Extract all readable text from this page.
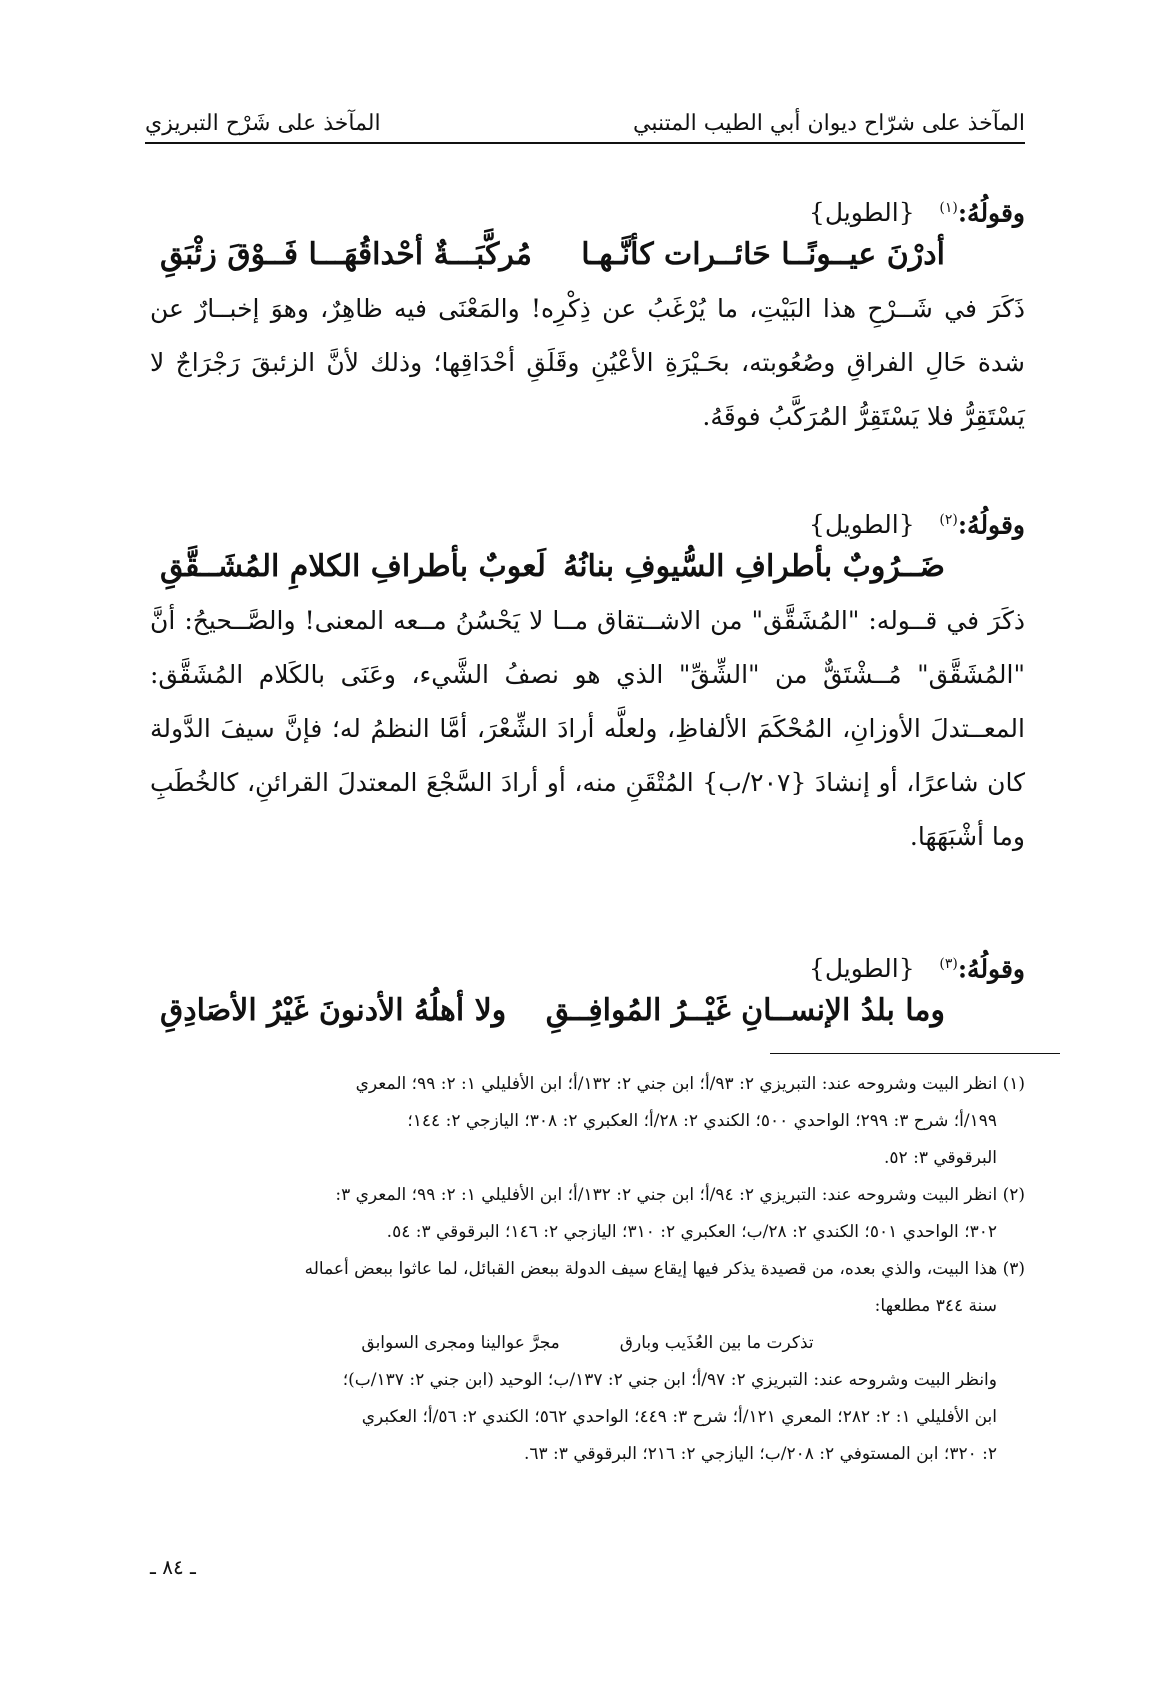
المآخذ على شرّاح ديوان أبي الطيب المتنبي
المآخذ على شَرْح التبريزي
وقولُهُ:$^{(١)}$ {الطويل}
أدرْنَ عيــونًــا حَائــرات كأنَّـهـا
مُركَّبَـــةٌ أحْداقُهَـــا فَــوْقَ زئْبَقِ

ذَكَرَ في شَــرْحِ هذا البَيْتِ، ما يُرْغَبُ عن ذِكْرِه! والمَعْنَى فيه ظاهِرٌ، وهوَ إخبــارٌ عن شدة حَالِ الفراقِ وصُعُوبته، بحَـيْرَةِ الأعْيُنِ وقَلَقِ أحْدَاقِها؛ وذلك لأنَّ الزئبقَ رَجْرَاجٌ لا يَسْتَقِرُّ فلا يَسْتَقِرُّ المُرَكَّبُ فوقَهُ.

وقولُهُ:$^{(٢)}$ {الطويل}
ضَــرُوبٌ بأطرافِ السُّيوفِ بنانُهُ
لَعوبٌ بأطرافِ الكلامِ المُشَــقَّقِ

ذكَرَ في قــوله: "المُشَقَّق" من الاشــتقاق مــا لا يَحْسُنُ مــعه المعنى! والصَّــحيحُ: أنَّ "المُشَقَّق" مُــشْتَقٌّ من "الشِّقِّ" الذي هو نصفُ الشَّيء، وعَنَى بالكَلام المُشَقَّق: المعــتدلَ الأوزانِ، المُحْكَمَ الألفاظِ، ولعلَّه أرادَ الشِّعْرَ، أمَّا النظمُ له؛ فإنَّ سيفَ الدَّولة كان شاعرًا، أو إنشادَ {٢٠٧/ب} المُتْقَنِ منه، أو أرادَ السَّجْعَ المعتدلَ القرائنِ، كالخُطَبِ وما أشْبَهَهَا.

وقولُهُ:$^{(٣)}$ {الطويل}
وما بلدُ الإنســانِ غَيْــرُ المُوافِــقِ
ولا أهلُهُ الأدنونَ غَيْرُ الأصَادِقِ

(١) انظر البيت وشروحه عند: التبريزي ٢: ٩٣/أ؛ ابن جني ٢: ١٣٢/أ؛ ابن الأفليلي ١: ٢: ٩٩؛ المعري

١٩٩/أ؛ شرح ٣: ٢٩٩؛ الواحدي ٥٠٠؛ الكندي ٢: ٢٨/أ؛ العكبري ٢: ٣٠٨؛ اليازجي ٢: ١٤٤؛

البرقوقي ٣: ٥٢.

(٢) انظر البيت وشروحه عند: التبريزي ٢: ٩٤/أ؛ ابن جني ٢: ١٣٢/أ؛ ابن الأفليلي ١: ٢: ٩٩؛ المعري ٣:

٣٠٢؛ الواحدي ٥٠١؛ الكندي ٢: ٢٨/ب؛ العكبري ٢: ٣١٠؛ اليازجي ٢: ١٤٦؛ البرقوقي ٣: ٥٤.

(٣) هذا البيت، والذي بعده، من قصيدة يذكر فيها إيقاع سيف الدولة ببعض القبائل، لما عاثوا ببعض أعماله

سنة ٣٤٤ مطلعها:

تذكرت ما بين العُذَيب وبارق
مجرَّ عوالينا ومجرى السوابق

وانظر البيت وشروحه عند: التبريزي ٢: ٩٧/أ؛ ابن جني ٢: ١٣٧/ب؛ الوحيد (ابن جني ٢: ١٣٧/ب)؛

ابن الأفليلي ١: ٢: ٢٨٢؛ المعري ١٢١/أ؛ شرح ٣: ٤٤٩؛ الواحدي ٥٦٢؛ الكندي ٢: ٥٦/أ؛ العكبري

٢: ٣٢٠؛ ابن المستوفي ٢: ٢٠٨/ب؛ اليازجي ٢: ٢١٦؛ البرقوقي ٣: ٦٣.

ـ ٨٤ ـ
